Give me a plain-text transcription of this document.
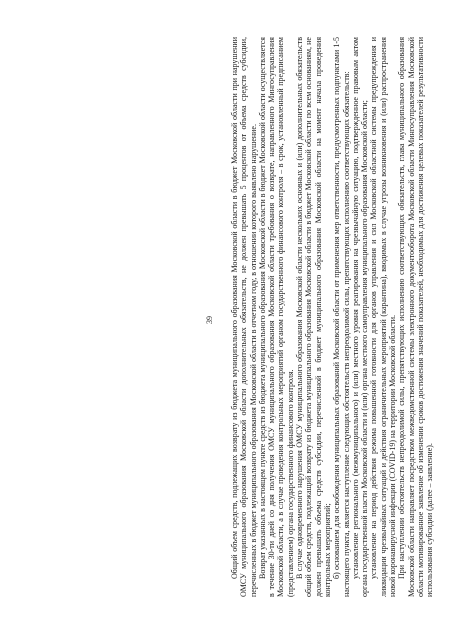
39 Общий объем средств, подлежащих возврату из бюджета муниципального образования Московской области в бюджет Московской области при нарушении ОМСУ муниципального образования Московской области дополнительных обязательств, не должен превышать 5 процентов от объема средств субсидии, перечисленных в бюджет муниципального образования Московской области в отчетном году, в отношении которого выявлено нарушение. Возврат указанных в настоящем пункте средств из бюджета муниципального образования Московской области в бюджет Московской области осуществляется в течение 30-ти дней со дня получения ОМСУ муниципального образования Московской области требования о возврате, направленного Мингосуправления Московской области, а в случае проведения контрольных мероприятий органом государственного финансового контроля – в срок, установленный предписанием (представлением) органа государственного финансового контроля. В случае одновременного нарушения ОМСУ муниципального образования Московской области нескольких основных и (или) дополнительных обязательств общий объем средств, подлежащий возврату из бюджета муниципального образования Московской области в бюджет Московской области по всем основаниям, не должен превышать объема средств субсидии, перечисленной в бюджет муниципального образования Московской области на момент начала проведения контрольных мероприятий; б) основанием для освобождения муниципальных образований Московской области от применения мер ответственности, предусмотренных подпунктами 1-5 настоящего пункта, является наступление следующих обстоятельств непреодолимой силы, препятствующих исполнению соответствующих обязательств: установление регионального (межмуниципального) и (или) местного уровня реагирования на чрезвычайную ситуацию, подтвержденное правовым актом органа государственной власти Московской области и (или) органа местного самоуправления муниципального образования Московской области; установление на период действия режима повышенной готовности для органов управления и сил Московской областной системы предупреждения и ликвидации чрезвычайных ситуаций и действия ограничительных мероприятий (карантина), вводимых в случае угрозы возникновения и (или) распространения новой коронавирусной инфекции (COVID-19) на территории Московской области. При наступлении обстоятельств непреодолимой силы, препятствующих исполнению соответствующих обязательств, глава муниципального образования Московской области направляет посредством межведомственной системы электронного документооборота Московской области Мингосуправления Московской области мотивированное заявление об изменении сроков достижения значений показателей, необходимых для достижения целевых показателей результативности использования субсидии (далее – заявление).
